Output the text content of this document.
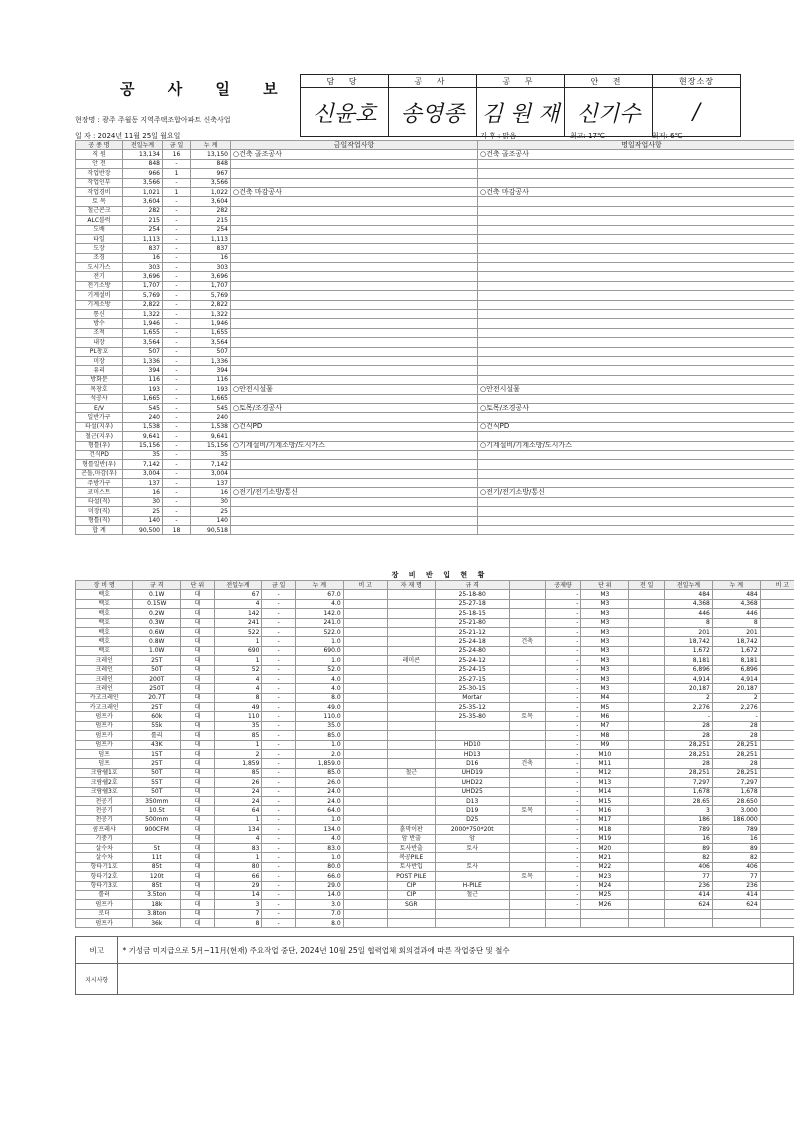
공 사 일 보
현장명 : 광주 주월동 지역주택조합아파트 신축사업
일 자 : 2024년 11월 25일 월요일	기 후 : 맑음	최고: 17℃	최저: 6℃
담 당	공 사	공 무	안 전	현장소장
신윤호	송영종	김 원 재	신기수	/
공 종 명	전일누계	금 일	누 계	금일작업사항	명일작업사항
직 원	13,134	16	13,150	○건축 골조공사	○건축 골조공사
안 전	848	-	848		
작업반장	966	1	967		
작업인부	3,566	-	3,566		
작업경비	1,021	1	1,022	○건축 마감공사	○건축 마감공사
토 목	3,604	-	3,604		
철근콘크	282	-	282		
ALC블럭	215	-	215		
도배	254	-	254		
타일	1,113	-	1,113		
도장	837	-	837		
조경	16	-	16		
도시가스	303	-	303		
전기	3,696	-	3,696		
전기소방	1,707	-	1,707		
기계설비	5,769	-	5,769		
기계소방	2,822	-	2,822		
통신	1,322	-	1,322		
방수	1,946	-	1,946		
조적	1,655	-	1,655		
내장	3,564	-	3,564		
PL창호	507	-	507		
미장	1,336	-	1,336		
유리	394	-	394		
방화문	116	-	116		
목창호	193	-	193	○안전시설물	○안전시설물
석공사	1,665	-	1,665		
E/V	545	-	545	○토목/조경공사	○토목/조경공사
일반가구	240	-	240		
타설(지우)	1,538	-	1,538	○건식PD	○건식PD
철근(지우)	9,641	-	9,641		
형틀(우)	15,156	-	15,156	○기계설비/기계소방/도시가스	○기계설비/기계소방/도시가스
건식PD	35	-	35		
형틀일반(우)	7,142	-	7,142		
곤돌,마감(우)	3,004	-	3,004		
주방가구	137	-	137		
코미스트	16	-	16	○전기/전기소방/통신	○전기/전기소방/통신
타설(직)	30	-	30		
미장(직)	25	-	25		
형틀(직)	140	-	140		
합 계	90,500	18	90,518		
장 비 반 입 현 황
장 비 명	규 격	단 위	전일누계	금 일	누 계	비 고	자 재 명	규 격		공제량	단 위	전 일	전일누계	누 계	비 고
백호	0.1W	대	67	-	67.0			25-18-80		-	M3		484	484	
백호	0.15W	대	4	-	4.0			25-27-18		-	M3		4,368	4,368	
백호	0.2W	대	142	-	142.0			25-18-15		-	M3		446	446	
백호	0.3W	대	241	-	241.0			25-21-80		-	M3		8	8	
백호	0.6W	대	522	-	522.0			25-21-12		-	M3		201	201	
백호	0.8W	대	1	-	1.0			25-24-18	건축	-	M3		18,742	18,742	
백호	1.0W	대	690	-	690.0			25-24-80		-	M3		1,672	1,672	
크레인	25T	대	1	-	1.0		레미콘	25-24-12		-	M3		8,181	8,181	
크레인	50T	대	52	-	52.0			25-24-15		-	M3		6,896	6,896	
크레인	200T	대	4	-	4.0			25-27-15		-	M3		4,914	4,914	
크레인	250T	대	4	-	4.0			25-30-15		-	M3		20,187	20,187	
카고크레인	20.7T	대	8	-	8.0			Mortar		-	M4		2	2	
카고크레인	25T	대	49	-	49.0			25-35-12		-	M5		2,276	2,276	
펌프카	60k	대	110	-	110.0			25-35-80	토목	-	M6		-	-	
펌프카	55k	대	35	-	35.0					-	M7		28	28	
펌프카	롤리	대	85	-	85.0					-	M8		28	28	
펌프카	43K	대	1	-	1.0			HD10		-	M9		28,251	28,251	
덤프	15T	대	2	-	2.0			HD13		-	M10		28,251	28,251	
덤프	25T	대	1,859	-	1,859.0			D16	건축	-	M11		28	28	
크람쉘1호	50T	대	85	-	85.0		철근	UHD19		-	M12		28,251	28,251	
크람쉘2호	55T	대	26	-	26.0			UHD22		-	M13		7,297	7,297	
크람쉘3호	50T	대	24	-	24.0			UHD25		-	M14		1,678	1,678	
천공기	350mm	대	24	-	24.0			D13		-	M15		28.65	28.650	
천공기	10.5t	대	64	-	64.0			D19	토목	-	M16		3	3.000	
천공기	500mm	대	1	-	1.0			D25		-	M17		186	186.000	
콤프레샤	900CFM	대	134	-	134.0		흙막이판	2000*750*20t		-	M18		789	789	
기중기		대	4	-	4.0		암 반출	암		-	M19		16	16	
살수차	5t	대	83	-	83.0		토사반출	토사		-	M20		89	89	
살수차	11t	대	1	-	1.0		복공PILE			-	M21		82	82	
항타기1호	85t	대	80	-	80.0		토사반입	토사		-	M22		406	406	
항타기2호	120t	대	66	-	66.0		POST PILE		토목	-	M23		77	77	
항타기3호	85t	대	29	-	29.0		CIP	H-PILE		-	M24		236	236	
롤러	3.5ton	대	14	-	14.0		CIP	철근		-	M25		414	414	
펌프카	18k	대	3	-	3.0		SGR			-	M26		624	624	
로더	3.8ton	대	7	-	7.0										
펌프카	36k	대	8	-	8.0										
비고	* 기성금 미지급으로 5月~11月(현재) 주요작업 중단, 2024년 10월 25일 협력업체 회의결과에 따른 작업중단 및 철수
지시사항	
